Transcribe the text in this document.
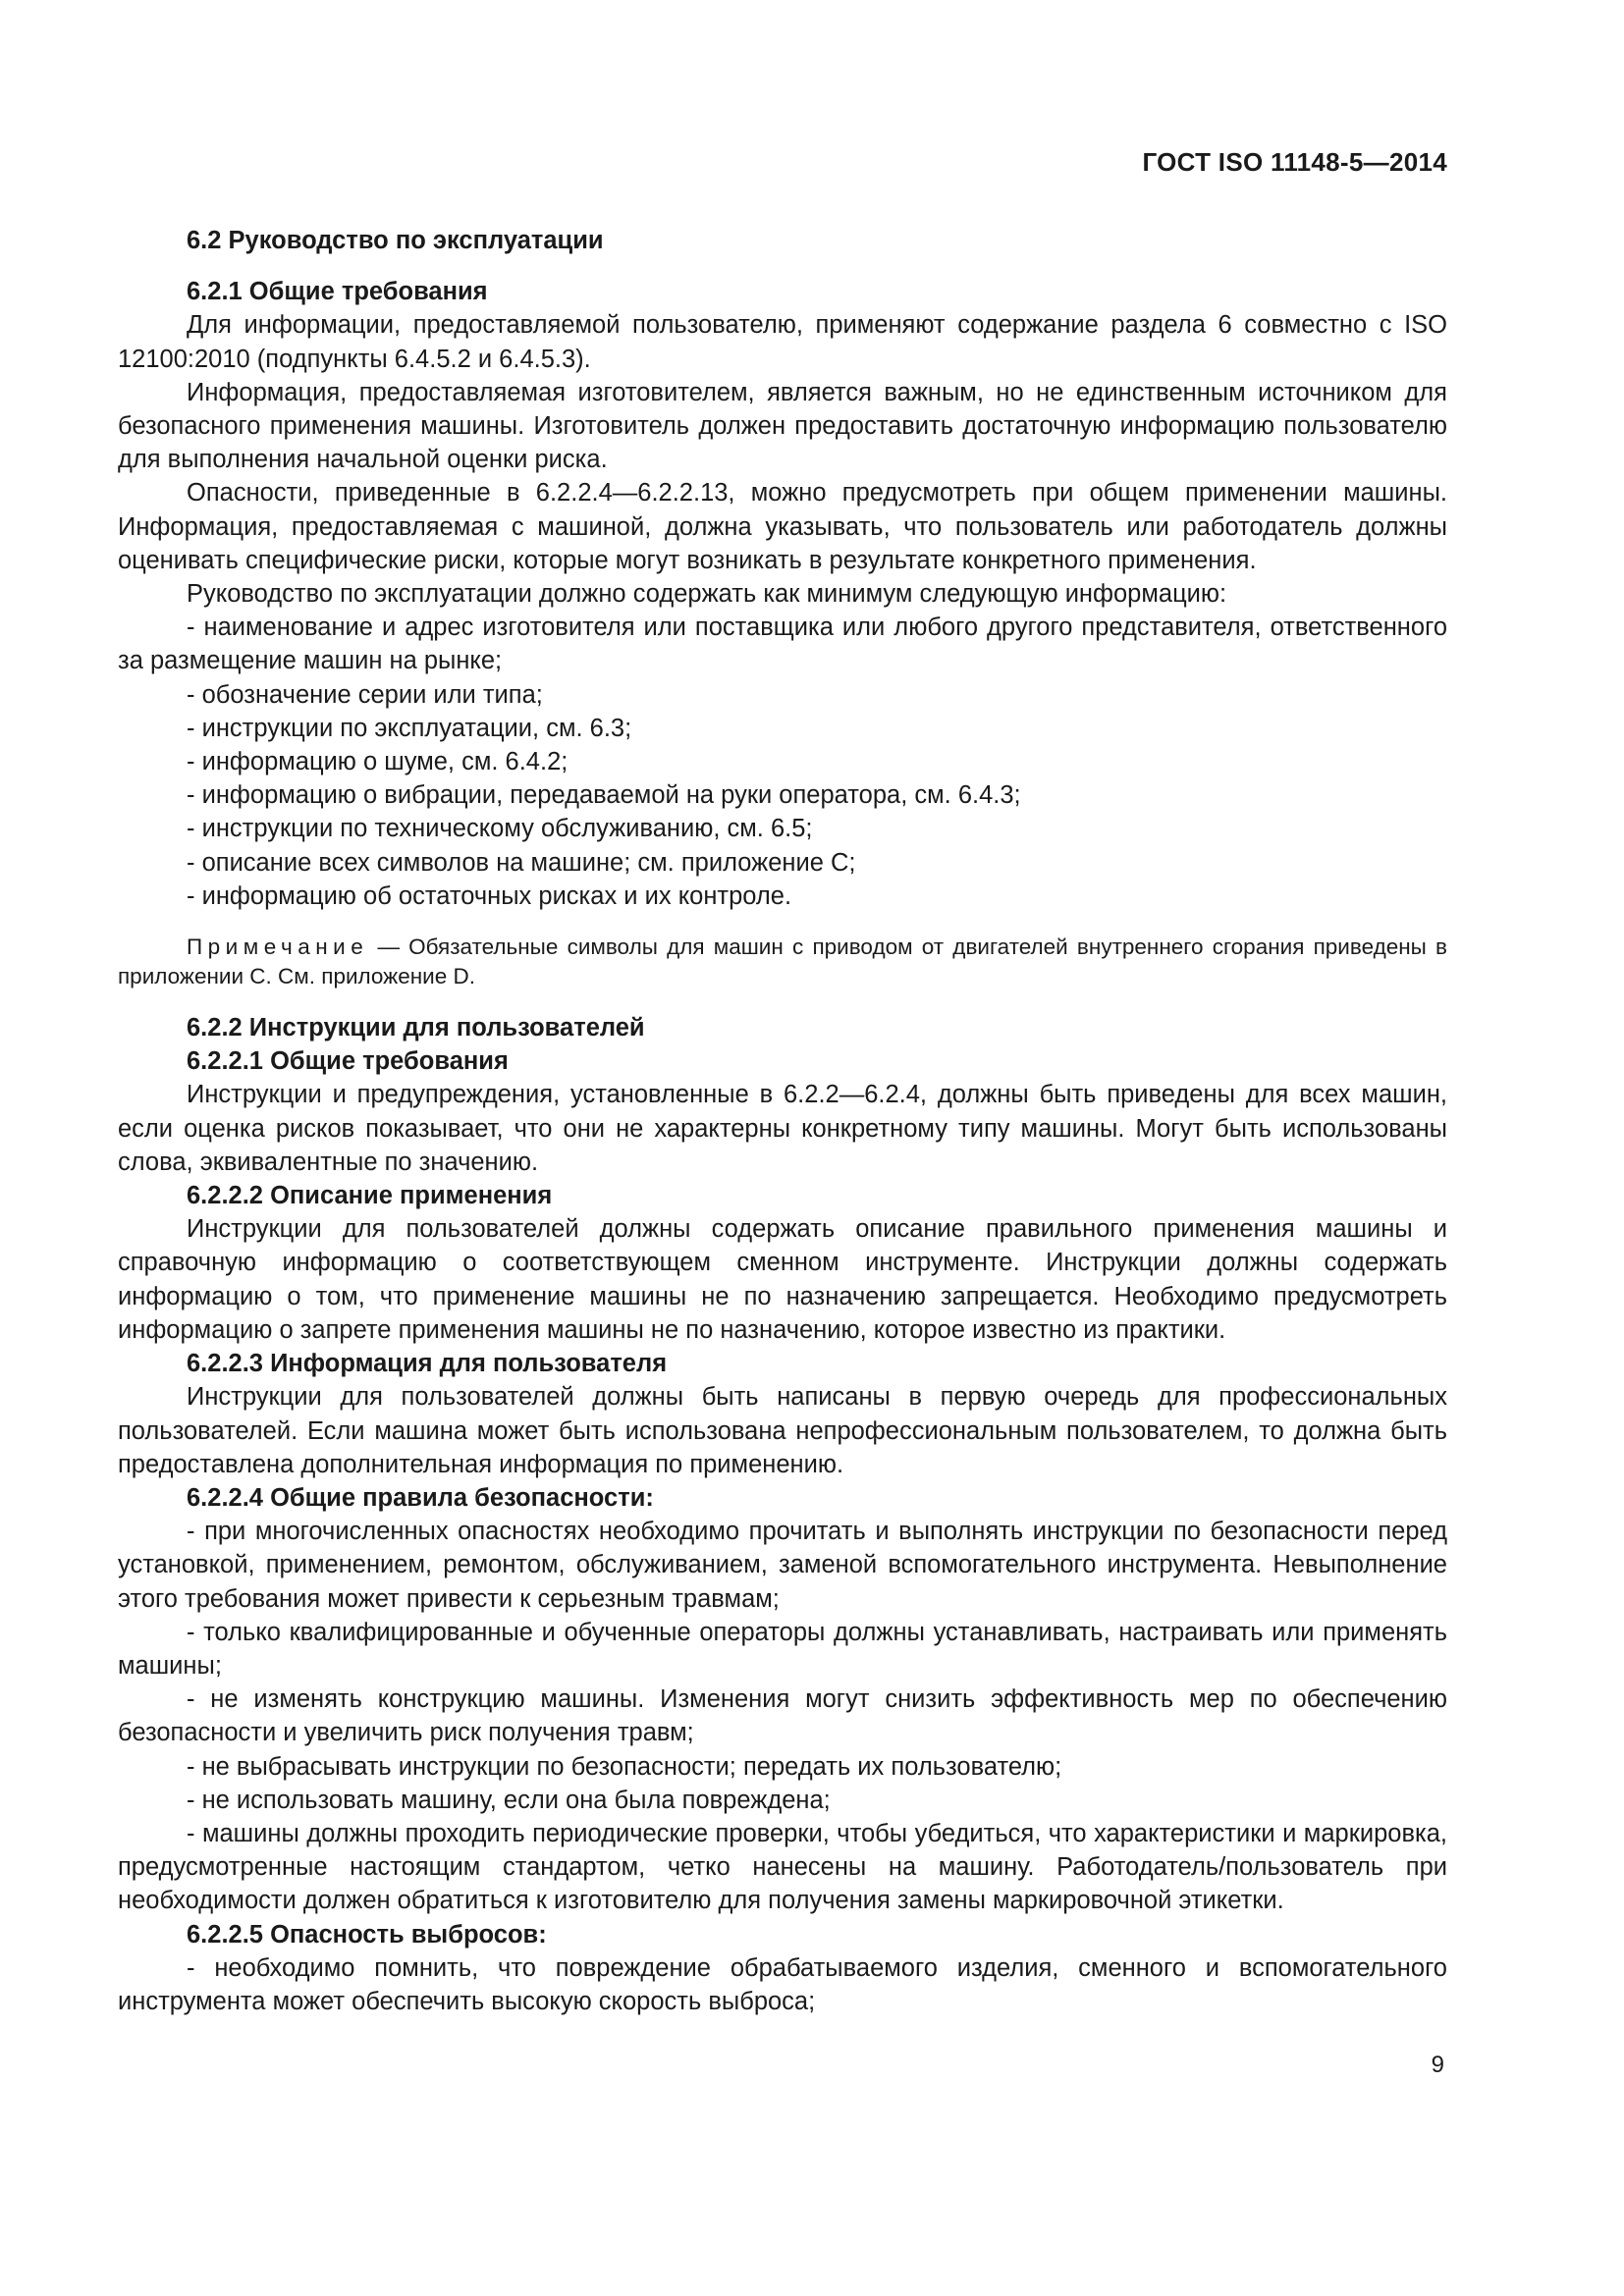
ГОСТ ISO 11148-5—2014

6.2 Руководство по эксплуатации

6.2.1 Общие требования

Для информации, предоставляемой пользователю, применяют содержание раздела 6 совместно с ISO 12100:2010 (подпункты 6.4.5.2 и 6.4.5.3).

Информация, предоставляемая изготовителем, является важным, но не единственным источником для безопасного применения машины. Изготовитель должен предоставить достаточную информацию пользователю для выполнения начальной оценки риска.

Опасности, приведенные в 6.2.2.4—6.2.2.13, можно предусмотреть при общем применении машины. Информация, предоставляемая с машиной, должна указывать, что пользователь или работодатель должны оценивать специфические риски, которые могут возникать в результате конкретного применения.

Руководство по эксплуатации должно содержать как минимум следующую информацию:

- наименование и адрес изготовителя или поставщика или любого другого представителя, ответственного за размещение машин на рынке;

- обозначение серии или типа;

- инструкции по эксплуатации, см. 6.3;

- информацию о шуме, см. 6.4.2;

- информацию о вибрации, передаваемой на руки оператора, см. 6.4.3;

- инструкции по техническому обслуживанию, см. 6.5;

- описание всех символов на машине; см. приложение С;

- информацию об остаточных рисках и их контроле.

Примечание — Обязательные символы для машин с приводом от двигателей внутреннего сгорания приведены в приложении С. См. приложение D.

6.2.2 Инструкции для пользователей

6.2.2.1 Общие требования

Инструкции и предупреждения, установленные в 6.2.2—6.2.4, должны быть приведены для всех машин, если оценка рисков показывает, что они не характерны конкретному типу машины. Могут быть использованы слова, эквивалентные по значению.

6.2.2.2 Описание применения

Инструкции для пользователей должны содержать описание правильного применения машины и справочную информацию о соответствующем сменном инструменте. Инструкции должны содержать информацию о том, что применение машины не по назначению запрещается. Необходимо предусмотреть информацию о запрете применения машины не по назначению, которое известно из практики.

6.2.2.3 Информация для пользователя

Инструкции для пользователей должны быть написаны в первую очередь для профессиональных пользователей. Если машина может быть использована непрофессиональным пользователем, то должна быть предоставлена дополнительная информация по применению.

6.2.2.4 Общие правила безопасности:

- при многочисленных опасностях необходимо прочитать и выполнять инструкции по безопасности перед установкой, применением, ремонтом, обслуживанием, заменой вспомогательного инструмента. Невыполнение этого требования может привести к серьезным травмам;

- только квалифицированные и обученные операторы должны устанавливать, настраивать или применять машины;

- не изменять конструкцию машины. Изменения могут снизить эффективность мер по обеспечению безопасности и увеличить риск получения травм;

- не выбрасывать инструкции по безопасности; передать их пользователю;

- не использовать машину, если она была повреждена;

- машины должны проходить периодические проверки, чтобы убедиться, что характеристики и маркировка, предусмотренные настоящим стандартом, четко нанесены на машину. Работодатель/пользователь при необходимости должен обратиться к изготовителю для получения замены маркировочной этикетки.

6.2.2.5 Опасность выбросов:

- необходимо помнить, что повреждение обрабатываемого изделия, сменного и вспомогательного инструмента может обеспечить высокую скорость выброса;

9
